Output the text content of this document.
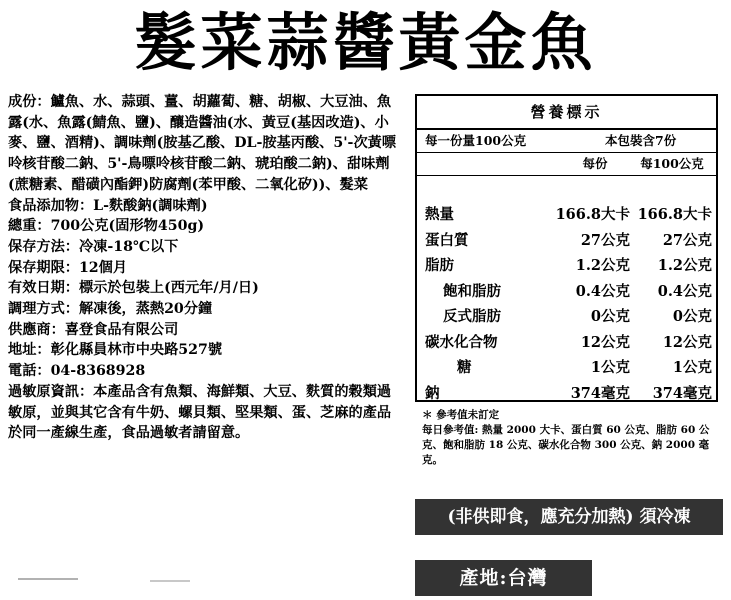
髮菜蒜醬黃金魚

成份：鱸魚、水、蒜頭、薑、胡蘿蔔、糖、胡椒、大豆油、魚露(水、魚露(鯖魚、鹽)、釀造醬油(水、黃豆(基因改造)、小麥、鹽、酒精)、調味劑(胺基乙酸、DL-胺基丙酸、5'-次黃嘌呤核苷酸二鈉、5'-鳥嘌呤核苷酸二鈉、琥珀酸二鈉)、甜味劑(蔗糖素、醋磺內酯鉀)防腐劑(苯甲酸、二氧化矽))、髮菜

食品添加物：L-麩酸鈉(調味劑)

總重：700公克(固形物450g)

保存方法：冷凍-18℃以下

保存期限：12個月

有效日期：標示於包裝上(西元年/月/日)

調理方式：解凍後，蒸熱20分鐘

供應商：喜登食品有限公司

地址：彰化縣員林市中央路527號

電話：04-8368928

過敏原資訊：本產品含有魚類、海鮮類、大豆、麩質的穀類過敏原，並與其它含有牛奶、螺貝類、堅果類、蛋、芝麻的產品於同一產線生產，食品過敏者請留意。

營養標示
每一份量100公克	本包裝含7份
每份	每100公克
熱量	166.8大卡 166.8大卡
蛋白質	27公克	27公克
脂肪	1.2公克	1.2公克
飽和脂肪	0.4公克	0.4公克
反式脂肪	0公克	0公克
碳水化合物	12公克	12公克
糖	1公克	1公克
鈉	374毫克	374毫克

＊ 參考值未訂定

每日參考值: 熱量 2000 大卡、蛋白質 60 公克、脂肪 60 公克、飽和脂肪 18 公克、碳水化合物 300 公克、鈉 2000 毫克。

(非供即食，應充分加熱) 須冷凍
產地:台灣
